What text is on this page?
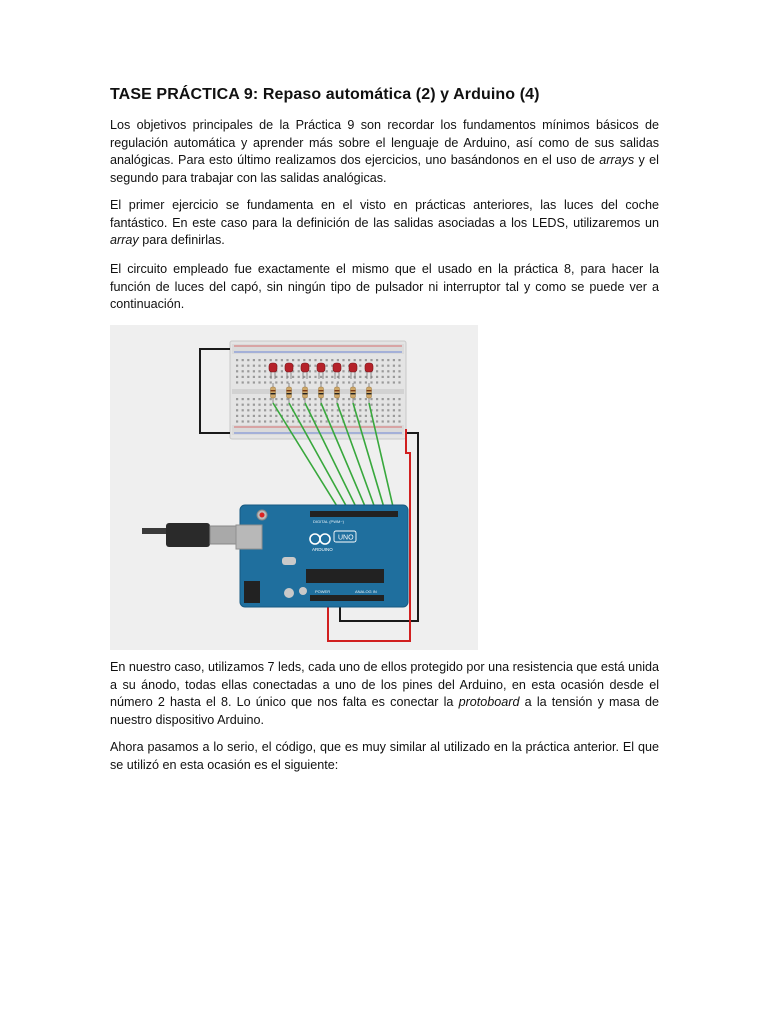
TASE PRÁCTICA 9: Repaso automática (2) y Arduino (4)

Los objetivos principales de la Práctica 9 son recordar los fundamentos mínimos básicos de regulación automática y aprender más sobre el lenguaje de Arduino, así como de sus salidas analógicas. Para esto último realizamos dos ejercicios, uno basándonos en el uso de arrays y el segundo para trabajar con las salidas analógicas.

El primer ejercicio se fundamenta en el visto en prácticas anteriores, las luces del coche fantástico. En este caso para la definición de las salidas asociadas a los LEDS, utilizaremos un array para definirlas.

El circuito empleado fue exactamente el mismo que el usado en la práctica 8, para hacer la función de luces del capó, sin ningún tipo de pulsador ni interruptor tal y como se puede ver a continuación.

DIGITAL (PWM~)
POWER	ANALOG IN
UNO
ARDUINO

En nuestro caso, utilizamos 7 leds, cada uno de ellos protegido por una resistencia que está unida a su ánodo, todas ellas conectadas a uno de los pines del Arduino, en esta ocasión desde el número 2 hasta el 8. Lo único que nos falta es conectar la protoboard a la tensión y masa de nuestro dispositivo Arduino.

Ahora pasamos a lo serio, el código, que es muy similar al utilizado en la práctica anterior. El que se utilizó en esta ocasión es el siguiente:
